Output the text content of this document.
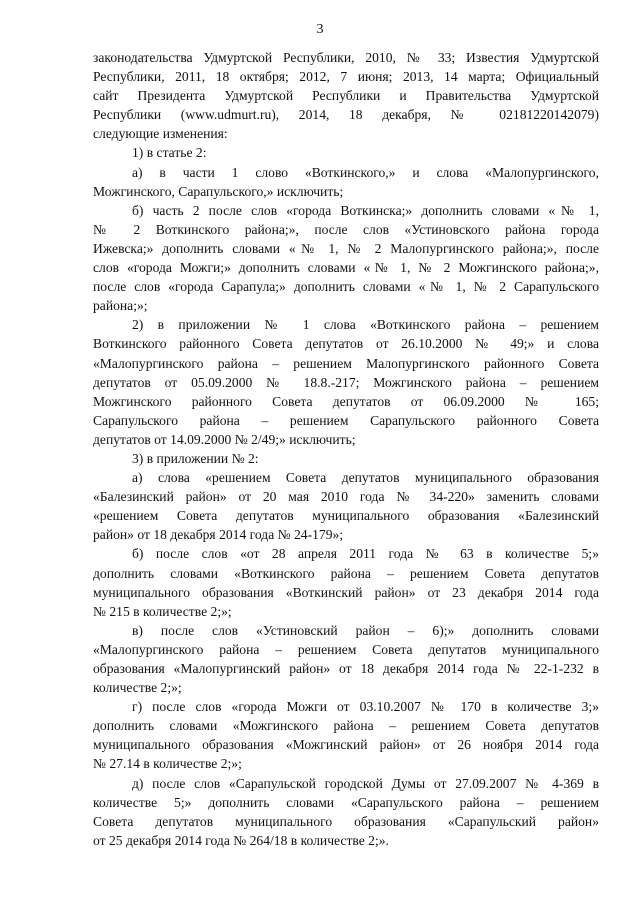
3

законодательства Удмуртской Республики, 2010, № 33; Известия Удмуртской
Республики, 2011, 18 октября; 2012, 7 июня; 2013, 14 марта; Официальный
сайт Президента Удмуртской Республики и Правительства Удмуртской
Республики (www.udmurt.ru), 2014, 18 декабря, № 02181220142079)
следующие изменения:

1) в статье 2:

а) в части 1 слово «Воткинского,» и слова «Малопургинского,
Можгинского, Сарапульского,» исключить;

б) часть 2 после слов «города Воткинска;» дополнить словами «№ 1,
№ 2 Воткинского района;», после слов «Устиновского района города
Ижевска;» дополнить словами «№ 1, № 2 Малопургинского района;», после
слов «города Можги;» дополнить словами «№ 1, № 2 Можгинского района;»,
после слов «города Сарапула;» дополнить словами «№ 1, № 2 Сарапульского
района;»;

2) в приложении № 1 слова «Воткинского района – решением
Воткинского районного Совета депутатов от 26.10.2000 № 49;» и слова
«Малопургинского района – решением Малопургинского районного Совета
депутатов от 05.09.2000 № 18.8.-217; Можгинского района – решением
Можгинского районного Совета депутатов от 06.09.2000 № 165;
Сарапульского района – решением Сарапульского районного Совета
депутатов от 14.09.2000 № 2/49;» исключить;

3) в приложении № 2:

а) слова «решением Совета депутатов муниципального образования
«Балезинский район» от 20 мая 2010 года № 34-220» заменить словами
«решением Совета депутатов муниципального образования «Балезинский
район» от 18 декабря 2014 года № 24-179»;

б) после слов «от 28 апреля 2011 года № 63 в количестве 5;»
дополнить словами «Воткинского района – решением Совета депутатов
муниципального образования «Воткинский район» от 23 декабря 2014 года
№ 215 в количестве 2;»;

в) после слов «Устиновский район – 6);» дополнить словами
«Малопургинского района – решением Совета депутатов муниципального
образования «Малопургинский район» от 18 декабря 2014 года № 22-1-232 в
количестве 2;»;

г) после слов «города Можги от 03.10.2007 № 170 в количестве 3;»
дополнить словами «Можгинского района – решением Совета депутатов
муниципального образования «Можгинский район» от 26 ноября 2014 года
№ 27.14 в количестве 2;»;

д) после слов «Сарапульской городской Думы от 27.09.2007 № 4-369 в
количестве 5;» дополнить словами «Сарапульского района – решением
Совета депутатов муниципального образования «Сарапульский район»
от 25 декабря 2014 года № 264/18 в количестве 2;».
